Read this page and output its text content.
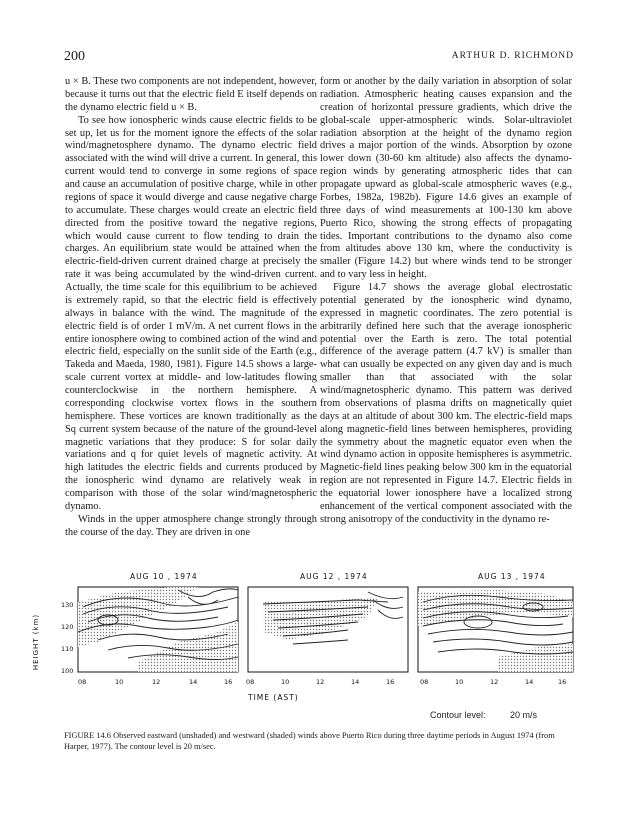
200	ARTHUR D. RICHMOND

u × B. These two components are not independent, however, because it turns out that the electric field E itself depends on the dynamo electric field u × B.

To see how ionospheric winds cause electric fields to be set up, let us for the moment ignore the effects of the solar wind/magnetosphere dynamo. The dynamo electric field associated with the wind will drive a current. In general, this current would tend to converge in some regions of space and cause an accumulation of positive charge, while in other regions of space it would diverge and cause negative charge to accumulate. These charges would create an electric field directed from the positive toward the negative regions, which would cause current to flow tending to drain the charges. An equilibrium state would be attained when the electric-field-driven current drained charge at precisely the rate it was being accumulated by the wind-driven current. Actually, the time scale for this equilibrium to be achieved is extremely rapid, so that the electric field is effectively always in balance with the wind. The magnitude of the electric field is of order 1 mV/m. A net current flows in the entire ionosphere owing to combined action of the wind and electric field, especially on the sunlit side of the Earth (e.g., Takeda and Maeda, 1980, 1981). Figure 14.5 shows a large-scale current vortex at middle- and low-latitudes flowing counterclockwise in the northern hemisphere. A corresponding clockwise vortex flows in the southern hemisphere. These vortices are known traditionally as the Sq current system because of the nature of the ground-level magnetic variations that they produce: S for solar daily variations and q for quiet levels of magnetic activity. At high latitudes the electric fields and currents produced by the ionospheric wind dynamo are relatively weak in comparison with those of the solar wind/magnetospheric dynamo.

Winds in the upper atmosphere change strongly through the course of the day. They are driven in one

form or another by the daily variation in absorption of solar radiation. Atmospheric heating causes expansion and the creation of horizontal pressure gradients, which drive the global-scale upper-atmospheric winds. Solar-ultraviolet radiation absorption at the height of the dynamo region drives a major portion of the winds. Absorption by ozone lower down (30-60 km altitude) also affects the dynamo-region winds by generating atmospheric tides that can propagate upward as global-scale atmospheric waves (e.g., Forbes, 1982a, 1982b). Figure 14.6 gives an example of three days of wind measurements at 100-130 km above Puerto Rico, showing the strong effects of propagating tides. Important contributions to the dynamo also come from altitudes above 130 km, where the conductivity is smaller (Figure 14.2) but where winds tend to be stronger and to vary less in height.

Figure 14.7 shows the average global electrostatic potential generated by the ionospheric wind dynamo, expressed in magnetic coordinates. The zero potential is arbitrarily defined here such that the average ionospheric potential over the Earth is zero. The total potential difference of the average pattern (4.7 kV) is smaller than what can usually be expected on any given day and is much smaller than that associated with the solar wind/magnetospheric dynamo. This pattern was derived from observations of plasma drifts on magnetically quiet days at an altitude of about 300 km. The electric-field maps along magnetic-field lines between hemispheres, providing the symmetry about the magnetic equator even when the wind dynamo action in opposite hemispheres is asymmetric. Magnetic-field lines peaking below 300 km in the equatorial region are not represented in Figure 14.7. Electric fields in the equatorial lower ionosphere have a localized strong enhancement of the vertical component associated with the strong anisotropy of the conductivity in the dynamo re-

AUG 10 , 1974	AUG 12 , 1974	AUG 13 , 1974
HEIGHT (km)
130
120
110
100
08	10	12	14	16 08	10	12	14	16	08	10	12	14	16
TIME (AST)
Contour level:	20 m/s
FIGURE 14.6 Observed eastward (unshaded) and westward (shaded) winds above Puerto Rico during three daytime periods in August 1974 (from Harper, 1977). The contour level is 20 m/sec.
